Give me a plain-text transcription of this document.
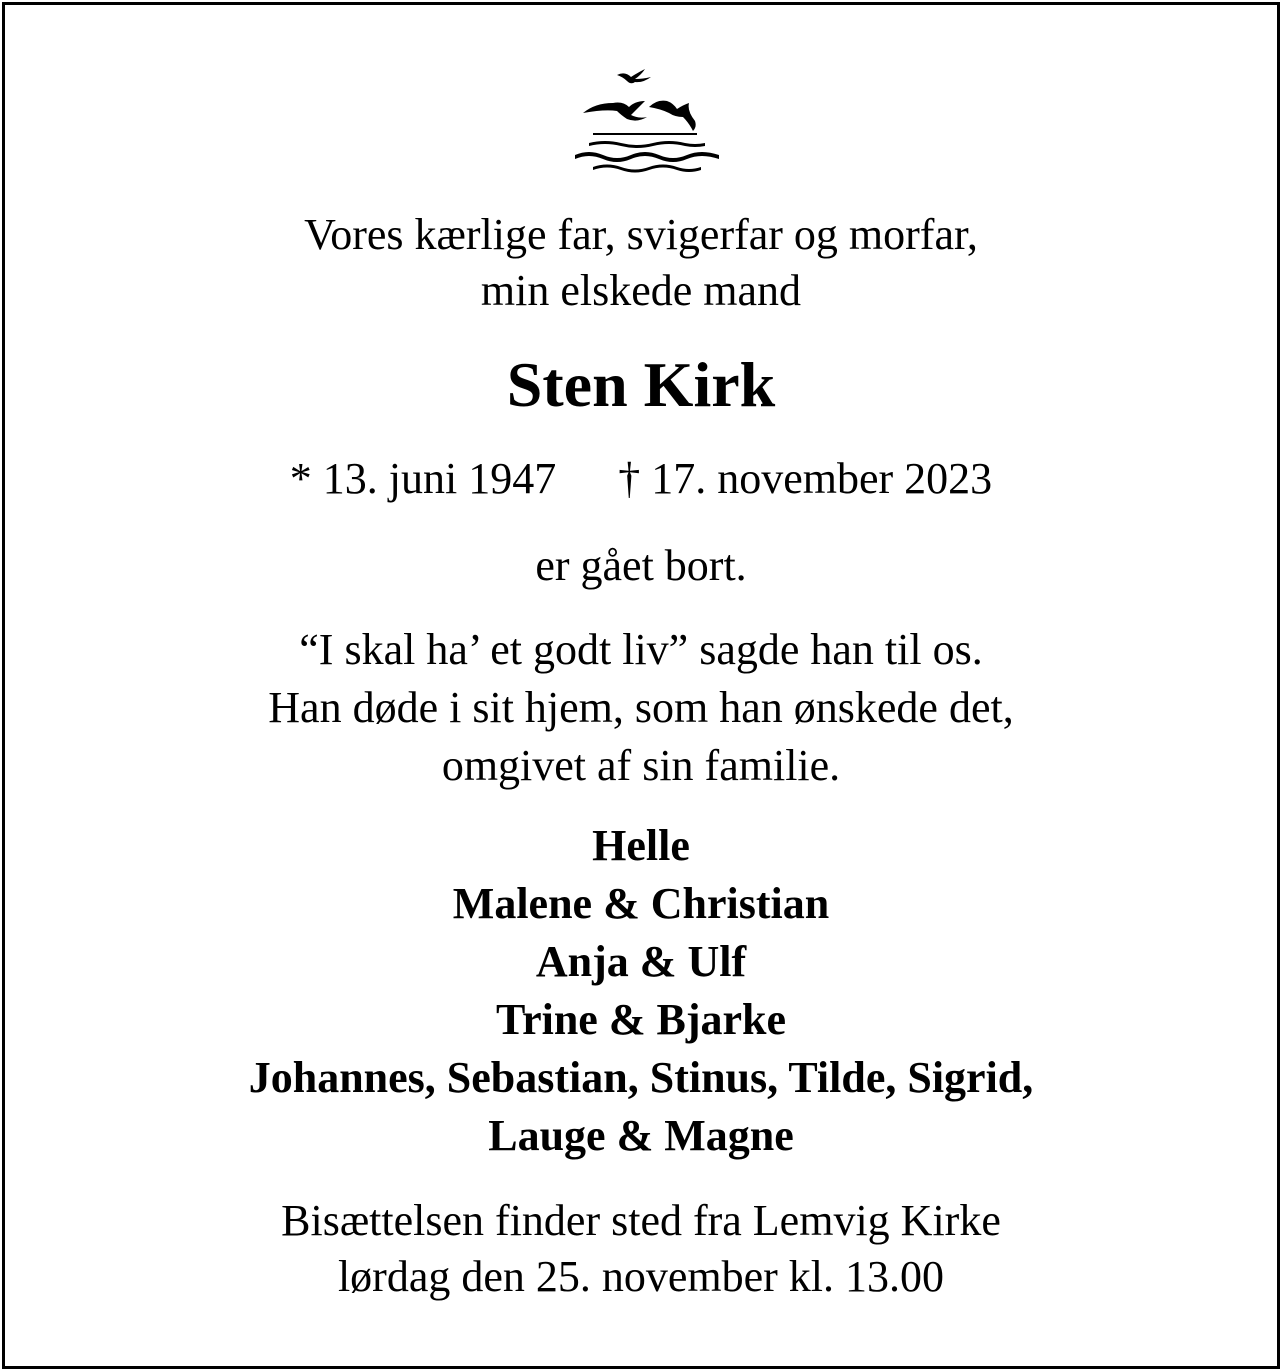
Vores kærlige far, svigerfar og morfar,
min elskede mand
Sten Kirk
* 13. juni 1947 † 17. november 2023
er gået bort.
“I skal ha’ et godt liv” sagde han til os.
Han døde i sit hjem, som han ønskede det,
omgivet af sin familie.
Helle
Malene & Christian
Anja & Ulf
Trine & Bjarke
Johannes, Sebastian, Stinus, Tilde, Sigrid,
Lauge & Magne
Bisættelsen finder sted fra Lemvig Kirke
lørdag den 25. november kl. 13.00
